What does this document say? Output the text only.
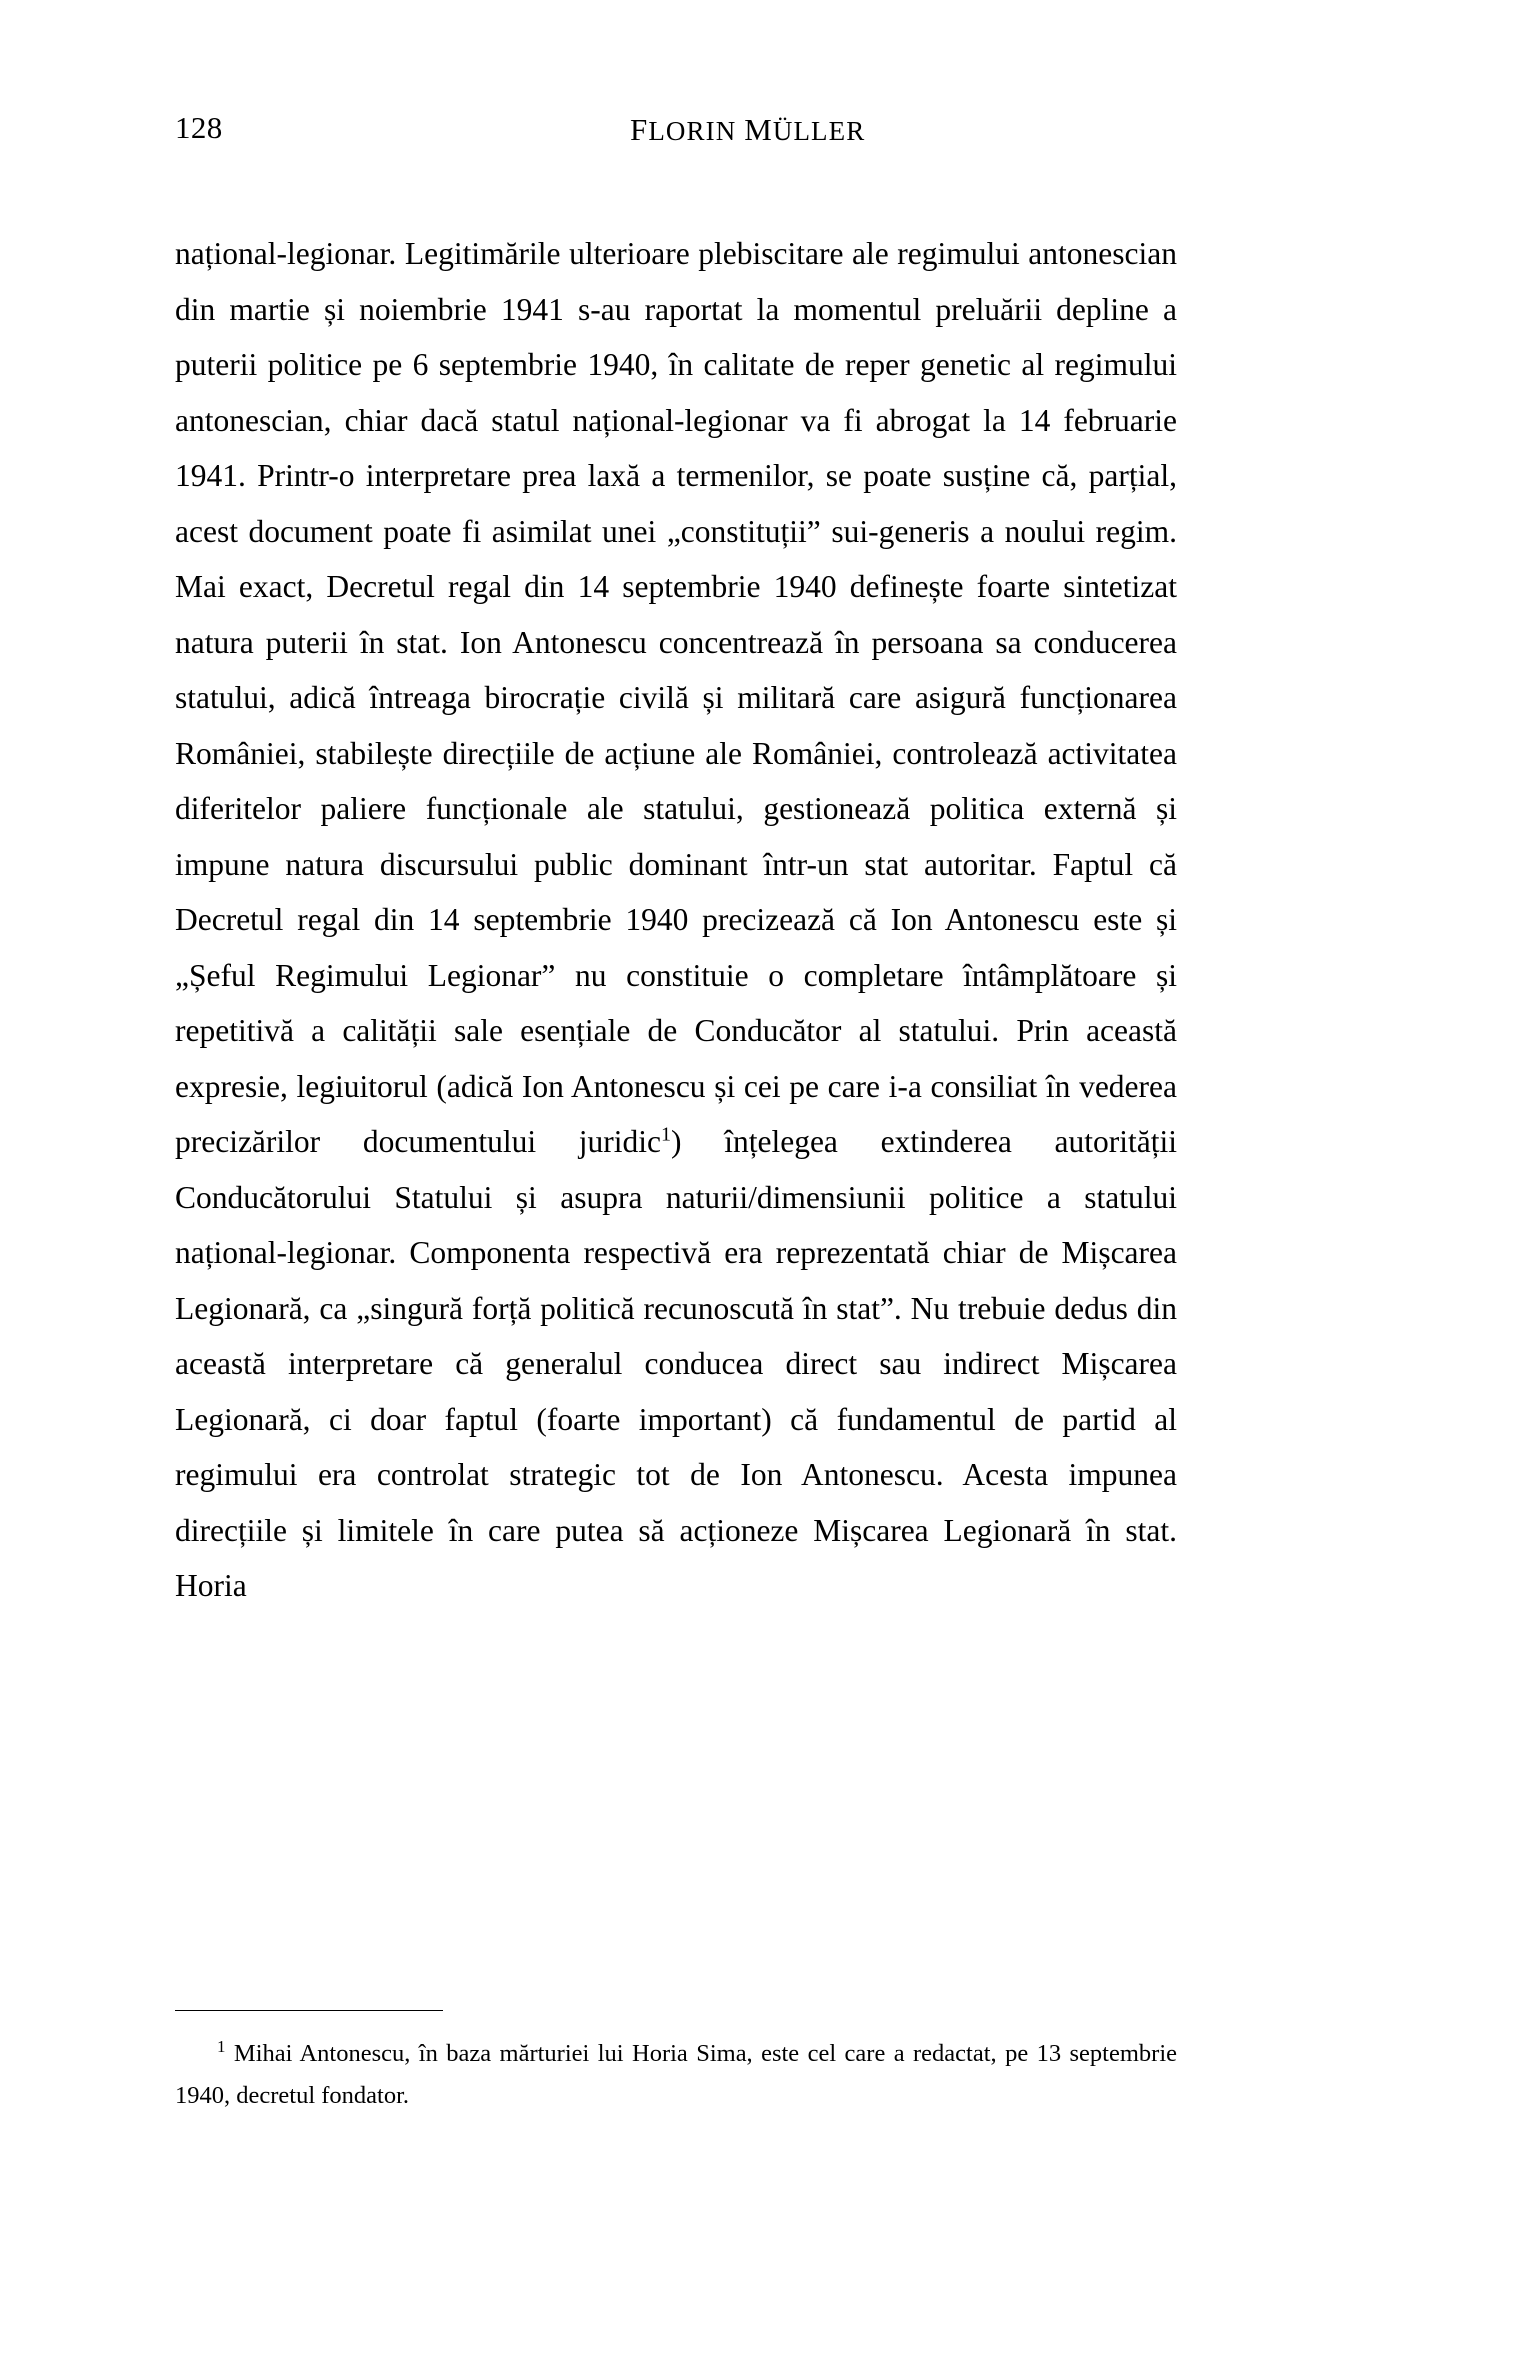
128	FLORIN MÜLLER

național-legionar. Legitimările ulterioare plebiscitare ale regimului antonescian din martie și noiembrie 1941 s-au raportat la momentul preluării depline a puterii politice pe 6 septembrie 1940, în calitate de reper genetic al regimului antonescian, chiar dacă statul național-legionar va fi abrogat la 14 februarie 1941. Printr-o interpretare prea laxă a termenilor, se poate susține că, parțial, acest document poate fi asimilat unei „constituții” sui-generis a noului regim. Mai exact, Decretul regal din 14 septembrie 1940 definește foarte sintetizat natura puterii în stat. Ion Antonescu concentrează în persoana sa conducerea statului, adică întreaga birocrație civilă și militară care asigură funcționarea României, stabilește direcțiile de acțiune ale României, controlează activitatea diferitelor paliere funcționale ale statului, gestionează politica externă și impune natura discursului public dominant într-un stat autoritar. Faptul că Decretul regal din 14 septembrie 1940 precizează că Ion Antonescu este și „Șeful Regimului Legionar” nu constituie o completare întâmplătoare și repetitivă a calității sale esențiale de Conducător al statului. Prin această expresie, legiuitorul (adică Ion Antonescu și cei pe care i-a consiliat în vederea precizărilor documentului juridic$^1$) înțelegea extinderea autorității Conducătorului Statului și asupra naturii/dimensiunii politice a statului național-legionar. Componenta respectivă era reprezentată chiar de Mișcarea Legionară, ca „singură forță politică recunoscută în stat”. Nu trebuie dedus din această interpretare că generalul conducea direct sau indirect Mișcarea Legionară, ci doar faptul (foarte important) că fundamentul de partid al regimului era controlat strategic tot de Ion Antonescu. Acesta impunea direcțiile și limitele în care putea să acționeze Mișcarea Legionară în stat. Horia

$^1$ Mihai Antonescu, în baza mărturiei lui Horia Sima, este cel care a redactat, pe 13 septembrie 1940, decretul fondator.
